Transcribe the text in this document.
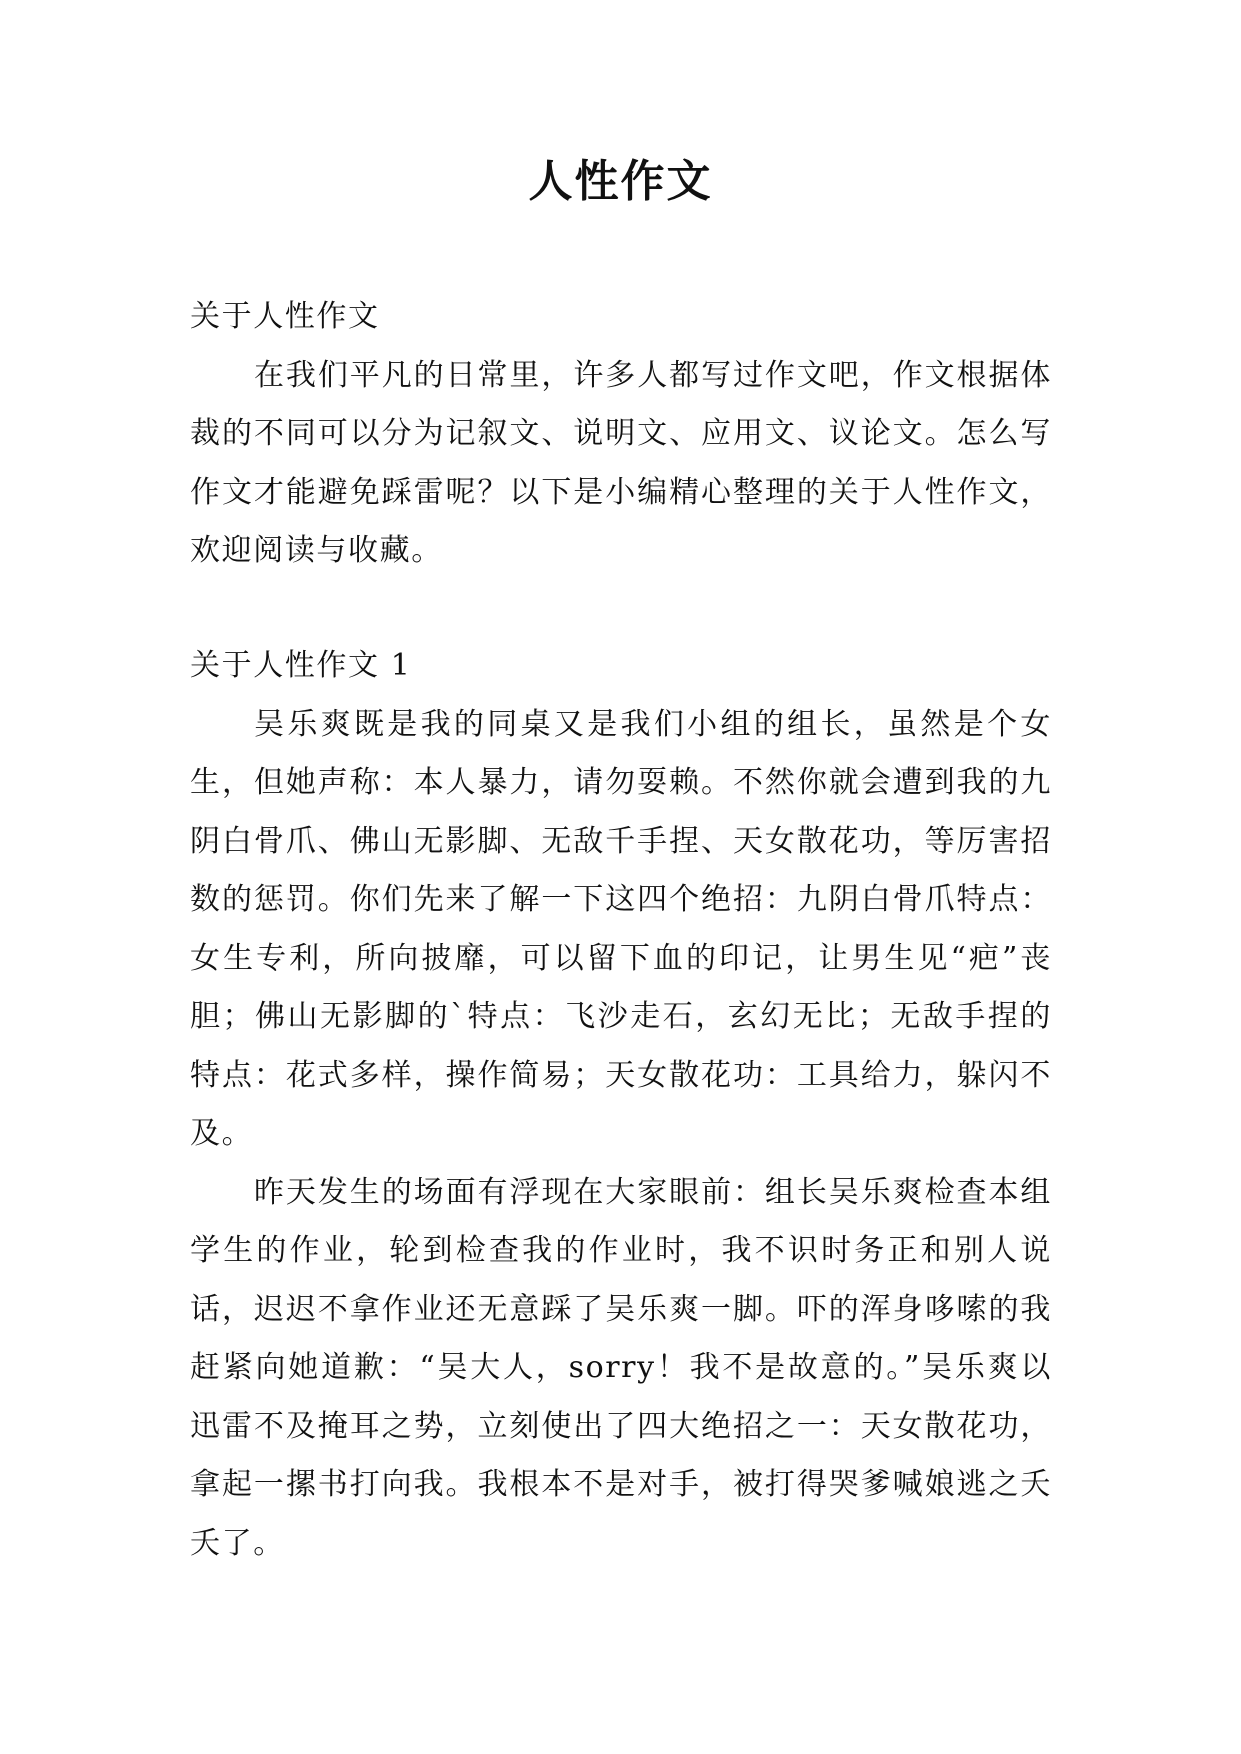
人性作文

关于人性作文

在我们平凡的日常里，许多人都写过作文吧，作文根据体裁的不同可以分为记叙文、说明文、应用文、议论文。怎么写作文才能避免踩雷呢？以下是小编精心整理的关于人性作文，欢迎阅读与收藏。

关于人性作文 1

吴乐爽既是我的同桌又是我们小组的组长，虽然是个女生，但她声称：本人暴力，请勿耍赖。不然你就会遭到我的九阴白骨爪、佛山无影脚、无敌千手捏、天女散花功，等厉害招数的惩罚。你们先来了解一下这四个绝招：九阴白骨爪特点：女生专利，所向披靡，可以留下血的印记，让男生见“疤”丧胆；佛山无影脚的`特点：飞沙走石，玄幻无比；无敌手捏的特点：花式多样，操作简易；天女散花功：工具给力，躲闪不及。

昨天发生的场面有浮现在大家眼前：组长吴乐爽检查本组学生的作业，轮到检查我的作业时，我不识时务正和别人说话，迟迟不拿作业还无意踩了吴乐爽一脚。吓的浑身哆嗦的我赶紧向她道歉：“吴大人，sorry！我不是故意的。”吴乐爽以迅雷不及掩耳之势，立刻使出了四大绝招之一：天女散花功，拿起一摞书打向我。我根本不是对手，被打得哭爹喊娘逃之夭夭了。
